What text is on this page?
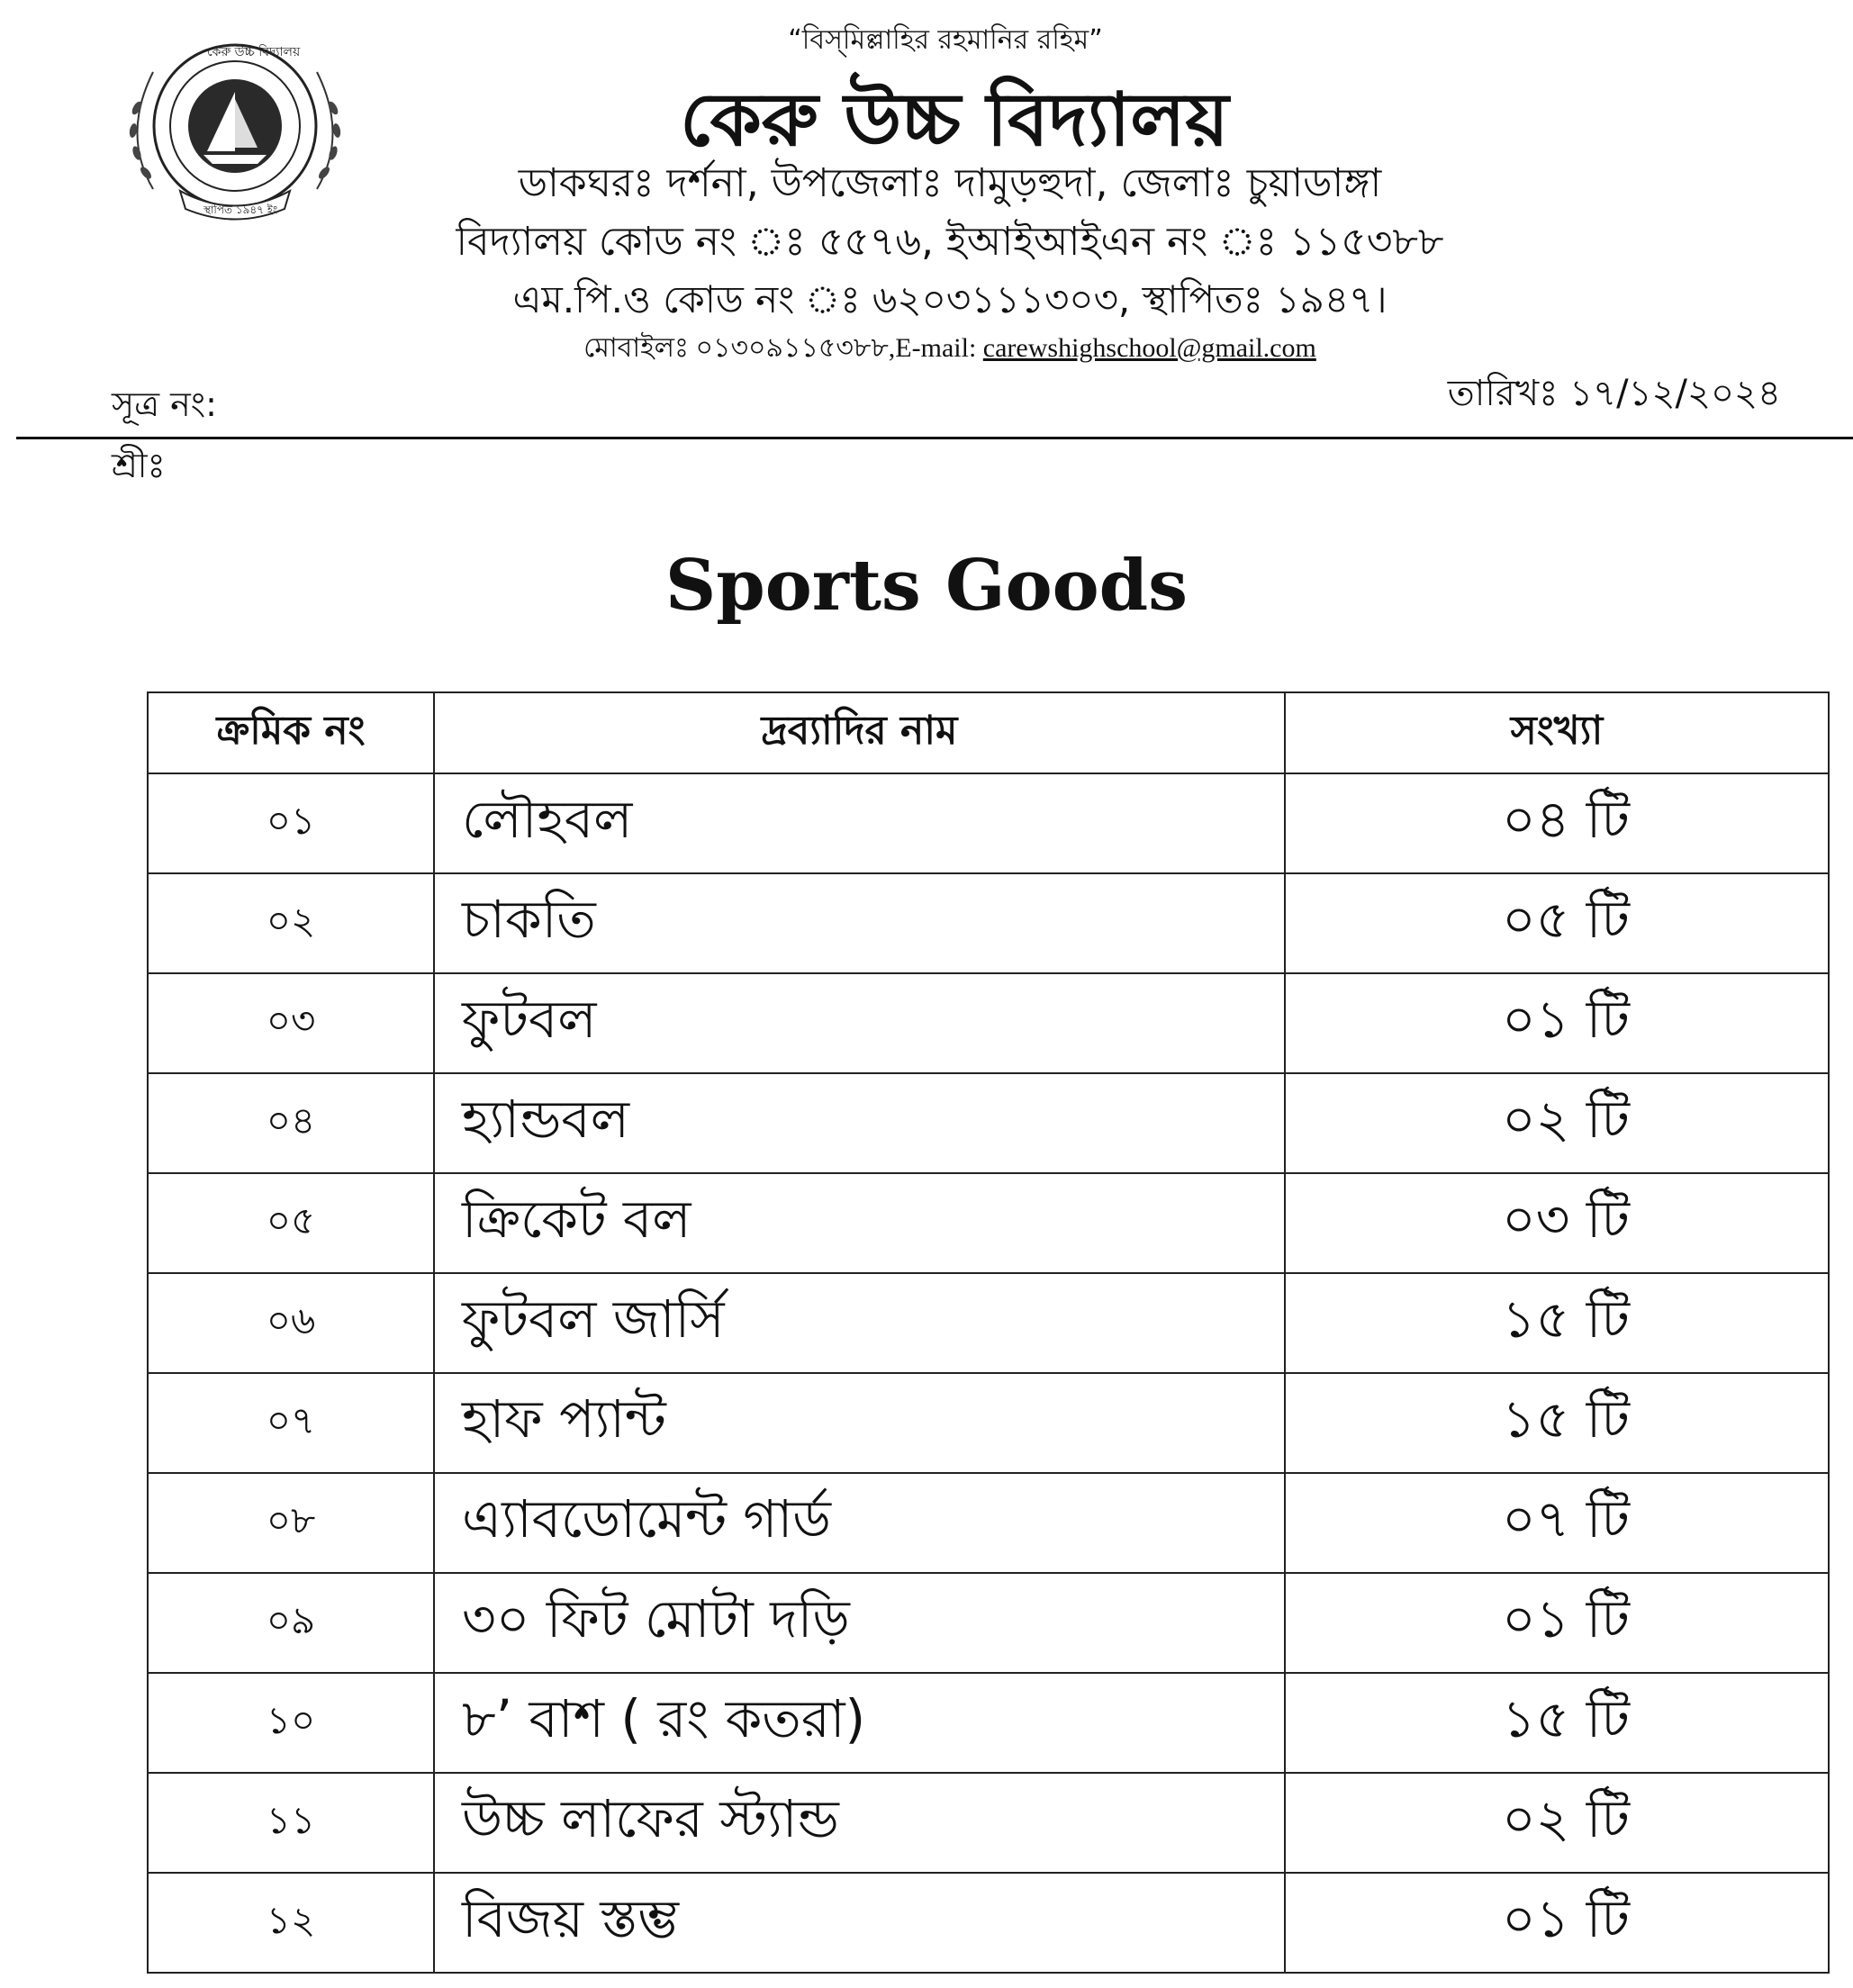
কেরু উচ্চ বিদ্যালয়
স্থাপিত ১৯৪৭ ইং
“বিস্‌মিল্লাহির রহমানির রহিম”
কেরু উচ্চ বিদ্যালয়
ডাকঘরঃ দর্শনা, উপজেলাঃ দামুড়হুদা, জেলাঃ চুয়াডাঙ্গা
বিদ্যালয় কোড নং ঃ ৫৫৭৬, ইআইআইএন নং ঃ ১১৫৩৮৮
এম.পি.ও কোড নং ঃ ৬২০৩১১১৩০৩, স্থাপিতঃ ১৯৪৭।
মোবাইলঃ ০১৩০৯১১৫৩৮৮,E-mail: carewshighschool@gmail.com
সূত্র নং:	তারিখঃ ১৭/১২/২০২৪
শ্রীঃ
Sports Goods
ক্রমিক নং	দ্রব্যাদির নাম	সংখ্যা
০১	লৌহবল	০৪ টি
০২	চাকতি	০৫ টি
০৩	ফুটবল	০১ টি
০৪	হ্যান্ডবল	০২ টি
০৫	ক্রিকেট বল	০৩ টি
০৬	ফুটবল জার্সি	১৫ টি
০৭	হাফ প্যান্ট	১৫ টি
০৮	এ্যাবডোমেন্ট গার্ড	০৭ টি
০৯	৩০ ফিট মোটা দড়ি	০১ টি
১০	৮’ বাশ ( রং কতরা)	১৫ টি
১১	উচ্চ লাফের স্ট্যান্ড	০২ টি
১২	বিজয় স্তম্ভ	০১ টি
